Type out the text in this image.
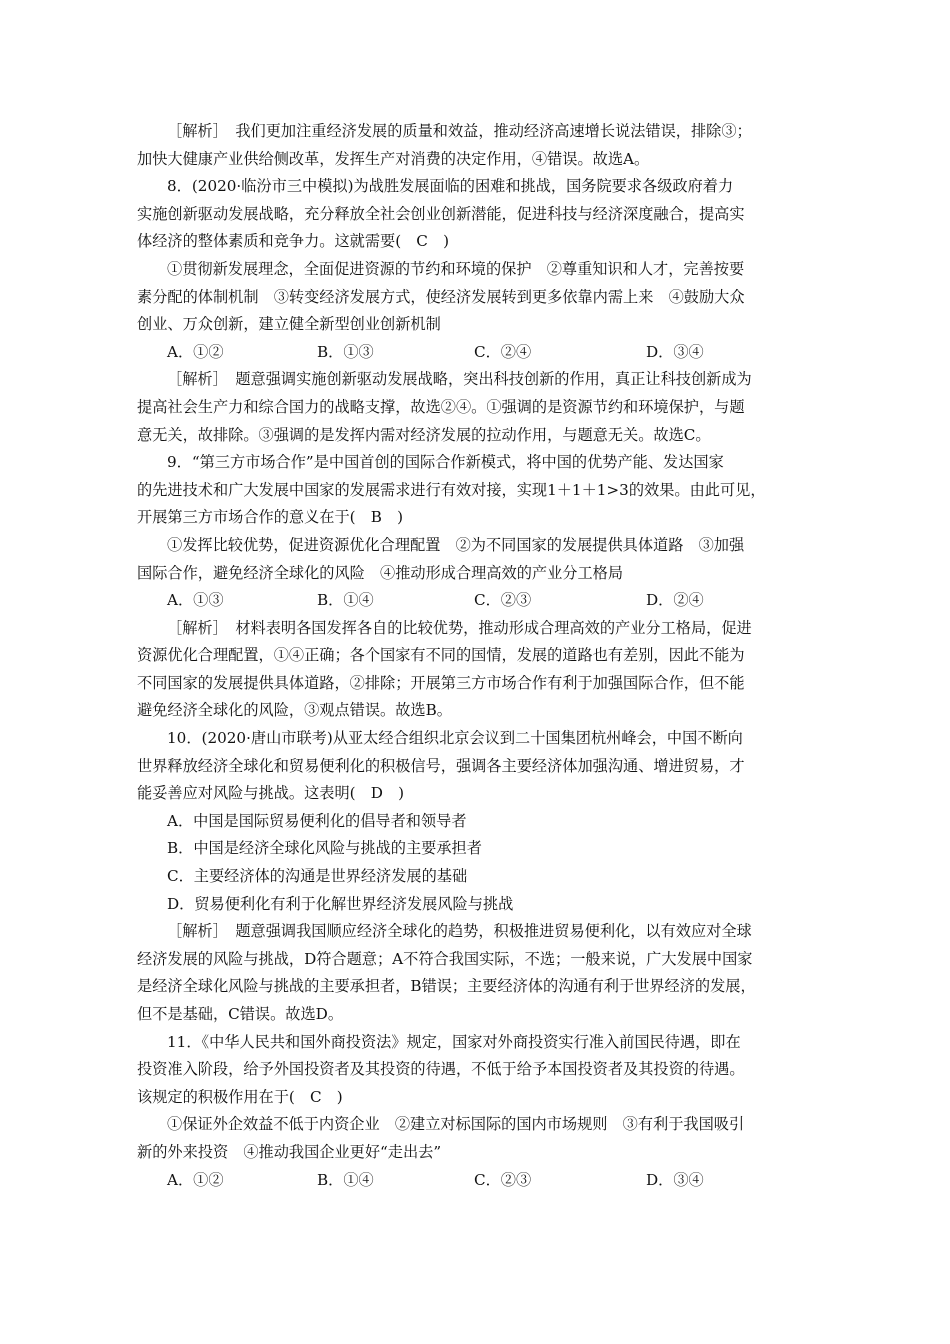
［解析］　我们更加注重经济发展的质量和效益，推动经济高速增长说法错误，排除③；
加快大健康产业供给侧改革，发挥生产对消费的决定作用，④错误。故选A。
8．(2020·临汾市三中模拟)为战胜发展面临的困难和挑战，国务院要求各级政府着力
实施创新驱动发展战略，充分释放全社会创业创新潜能，促进科技与经济深度融合，提高实
体经济的整体素质和竞争力。这就需要(　C　)
①贯彻新发展理念，全面促进资源的节约和环境的保护　②尊重知识和人才，完善按要
素分配的体制机制　③转变经济发展方式，使经济发展转到更多依靠内需上来　④鼓励大众
创业、万众创新，建立健全新型创业创新机制
A．①②	B．①③	C．②④	D．③④
［解析］　题意强调实施创新驱动发展战略，突出科技创新的作用，真正让科技创新成为
提高社会生产力和综合国力的战略支撑，故选②④。①强调的是资源节约和环境保护，与题
意无关，故排除。③强调的是发挥内需对经济发展的拉动作用，与题意无关。故选C。
9．“第三方市场合作”是中国首创的国际合作新模式，将中国的优势产能、发达国家
的先进技术和广大发展中国家的发展需求进行有效对接，实现1＋1＋1>3的效果。由此可见，
开展第三方市场合作的意义在于(　B　)
①发挥比较优势，促进资源优化合理配置　②为不同国家的发展提供具体道路　③加强
国际合作，避免经济全球化的风险　④推动形成合理高效的产业分工格局
A．①③	B．①④	C．②③	D．②④
［解析］　材料表明各国发挥各自的比较优势，推动形成合理高效的产业分工格局，促进
资源优化合理配置，①④正确；各个国家有不同的国情，发展的道路也有差别，因此不能为
不同国家的发展提供具体道路，②排除；开展第三方市场合作有利于加强国际合作，但不能
避免经济全球化的风险，③观点错误。故选B。
10．(2020·唐山市联考)从亚太经合组织北京会议到二十国集团杭州峰会，中国不断向
世界释放经济全球化和贸易便利化的积极信号，强调各主要经济体加强沟通、增进贸易，才
能妥善应对风险与挑战。这表明(　D　)
A．中国是国际贸易便利化的倡导者和领导者
B．中国是经济全球化风险与挑战的主要承担者
C．主要经济体的沟通是世界经济发展的基础
D．贸易便利化有利于化解世界经济发展风险与挑战
［解析］　题意强调我国顺应经济全球化的趋势，积极推进贸易便利化，以有效应对全球
经济发展的风险与挑战，D符合题意；A不符合我国实际，不选；一般来说，广大发展中国家
是经济全球化风险与挑战的主要承担者，B错误；主要经济体的沟通有利于世界经济的发展，
但不是基础，C错误。故选D。
11．《中华人民共和国外商投资法》规定，国家对外商投资实行准入前国民待遇，即在
投资准入阶段，给予外国投资者及其投资的待遇，不低于给予本国投资者及其投资的待遇。
该规定的积极作用在于(　C　)
①保证外企效益不低于内资企业　②建立对标国际的国内市场规则　③有利于我国吸引
新的外来投资　④推动我国企业更好“走出去”
A．①②	B．①④	C．②③	D．③④
